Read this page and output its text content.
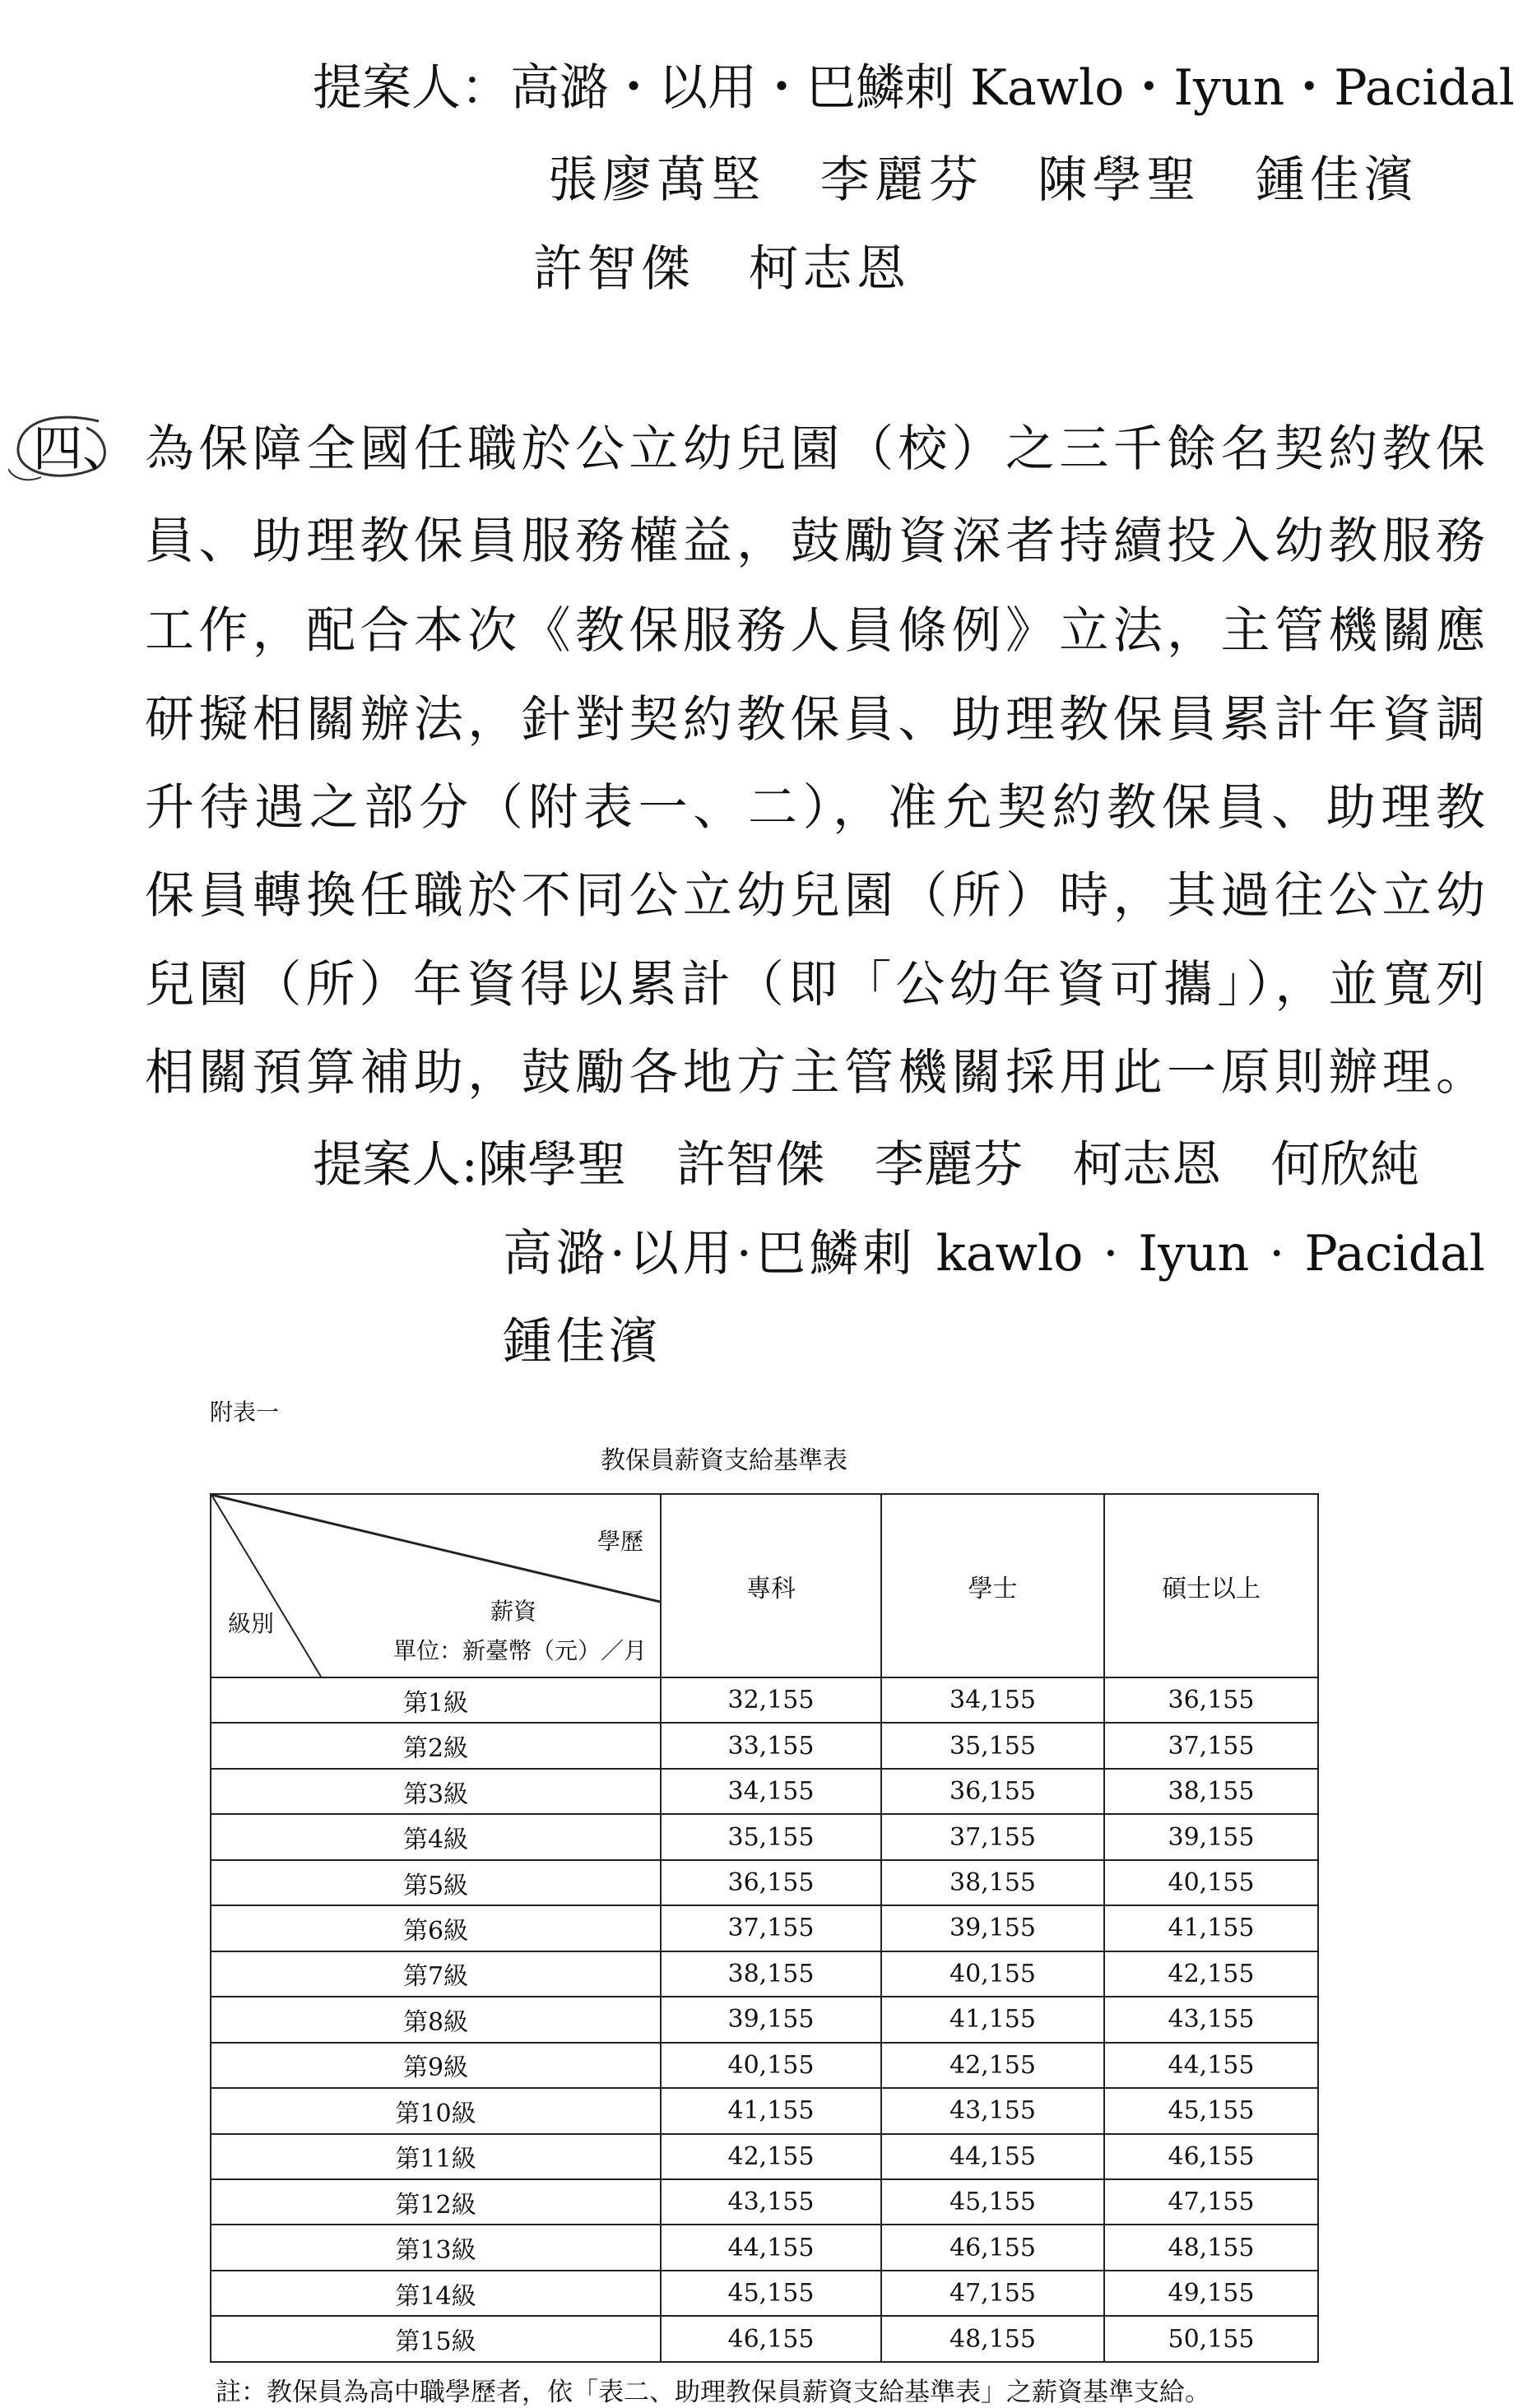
提案人：高潞・以用・巴鱗剌 Kawlo・Iyun・Pacidal
張廖萬堅　李麗芬　陳學聖　鍾佳濱
許智傑　柯志恩
四、 為保障全國任職於公立幼兒園（校）之三千餘名契約教保
員、助理教保員服務權益，鼓勵資深者持續投入幼教服務
工作，配合本次《教保服務人員條例》立法，主管機關應
研擬相關辦法，針對契約教保員、助理教保員累計年資調
升待遇之部分（附表一、二），准允契約教保員、助理教
保員轉換任職於不同公立幼兒園（所）時，其過往公立幼
兒園（所）年資得以累計（即「公幼年資可攜」），並寬列
相關預算補助，鼓勵各地方主管機關採用此一原則辦理。
提案人:陳學聖　許智傑　李麗芬　柯志恩　何欣純
高潞·以用·巴鱗剌 kawlo · Iyun · Pacidal
鍾佳濱
附表一
教保員薪資支給基準表
學歷
薪資
單位：新臺幣（元）／月
級別	專科	學士	碩士以上
第1級	32,155	34,155	36,155
第2級	33,155	35,155	37,155
第3級	34,155	36,155	38,155
第4級	35,155	37,155	39,155
第5級	36,155	38,155	40,155
第6級	37,155	39,155	41,155
第7級	38,155	40,155	42,155
第8級	39,155	41,155	43,155
第9級	40,155	42,155	44,155
第10級	41,155	43,155	45,155
第11級	42,155	44,155	46,155
第12級	43,155	45,155	47,155
第13級	44,155	46,155	48,155
第14級	45,155	47,155	49,155
第15級	46,155	48,155	50,155
註：教保員為高中職學歷者，依「表二、助理教保員薪資支給基準表」之薪資基準支給。
